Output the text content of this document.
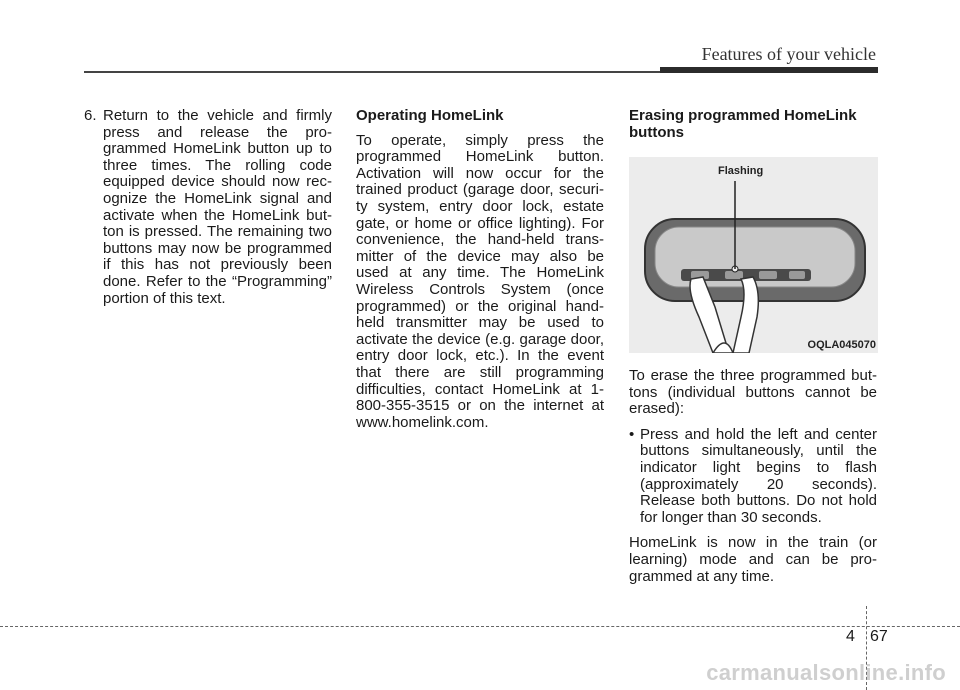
Features of your vehicle
6. Return to the vehicle and firmly press and release the pro-grammed HomeLink button up to three times. The rolling code equipped device should now rec-ognize the HomeLink signal and activate when the HomeLink but-ton is pressed. The remaining two buttons may now be programmed if this has not previously been done. Refer to the “Programming” portion of this text.

Operating HomeLink

To operate, simply press the programmed HomeLink button. Activation will now occur for the trained product (garage door, securi-ty system, entry door lock, estate gate, or home or office lighting). For convenience, the hand-held trans-mitter of the device may also be used at any time. The HomeLink Wireless Controls System (once programmed) or the original hand-held transmitter may be used to activate the device (e.g. garage door, entry door lock, etc.). In the event that there are still programming difficulties, contact HomeLink at 1-800-355-3515 or on the internet at www.homelink.com.

Erasing programmed HomeLink buttons

Flashing
OQLA045070

To erase the three programmed but-tons (individual buttons cannot be erased):

• Press and hold the left and center buttons simultaneously, until the indicator light begins to flash (approximately 20 seconds). Release both buttons. Do not hold for longer than 30 seconds.

HomeLink is now in the train (or learning) mode and can be pro-grammed at any time.

4 67
carmanualsonline.info
